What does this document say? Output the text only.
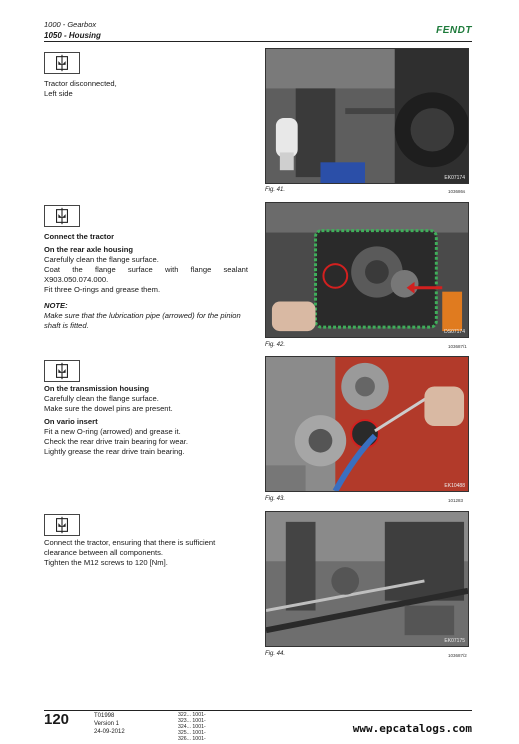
1000 - Gearbox
1050 - Housing	FENDT
Tractor disconnected,
Left side
EK07174
Fig. 41.	103686s
Connect the tractor
On the rear axle housing
Carefully clean the flange surface.
Coat the flange surface with flange sealant X903.050.074.000.
Fit three O-rings and grease them.
NOTE:
Make sure that the lubrication pipe (arrowed) for the pinion shaft is fitted.
DS07174
Fig. 42.	103687/1
On the transmission housing
Carefully clean the flange surface.
Make sure the dowel pins are present.
On vario insert
Fit a new O-ring (arrowed) and grease it.
Check the rear drive train bearing for wear.
Lightly grease the rear drive train bearing.
EK10488
Fig. 43.	101283
Connect the tractor, ensuring that there is sufficient clearance between all components.
Tighten the M12 screws to 120 [Nm].
EK07175
Fig. 44.	103687/2
120	T01998
Version 1
24-09-2012
322... 1001-
323... 1001-
324... 1001-
325... 1001-
326... 1001-
www.epcatalogs.com
